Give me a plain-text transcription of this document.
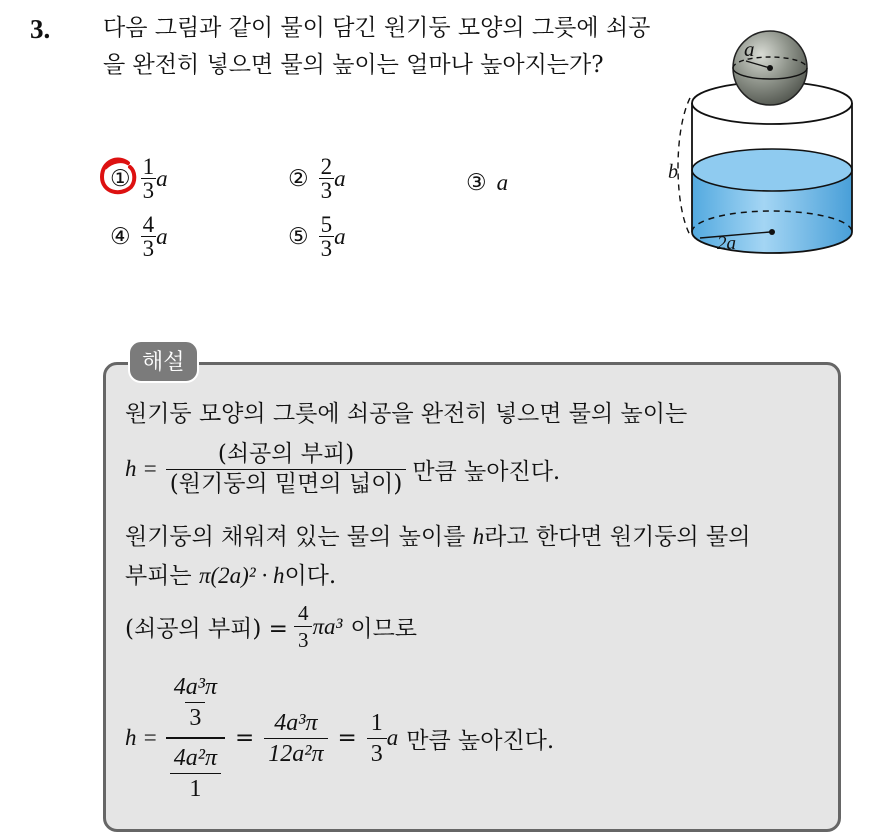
3. 다음 그림과 같이 물이 담긴 원기둥 모양의 그릇에 쇠공을 완전히 넣으면 물의 높이는 얼마나 높아지는가?
① $\frac{1}{3}$ a	② $\frac{2}{3}$ a	③ a
④ $\frac{4}{3}$ a	⑤ $\frac{5}{3}$ a
a
b
2a
해설
원기둥 모양의 그릇에 쇠공을 완전히 넣으면 물의 높이는
h =
(쇠공의 부피)
(원기둥의 밑면의 넓이) 만큼 높아진다.
원기둥의 채워져 있는 물의 높이를 h라고 한다면 원기둥의 물의
부피는 π(2a)² · h이다.
(쇠공의 부피) = $\frac{4}{3} \pi a^3$ 이므로
$h = \frac{\frac{\text{4a³π}}{3}}{\frac{\text{4a²π}}{1}} = \frac{\text{4a³π}}{\text{12a²π}} = \frac{1}{3}$ a 만큼 높아진다.
